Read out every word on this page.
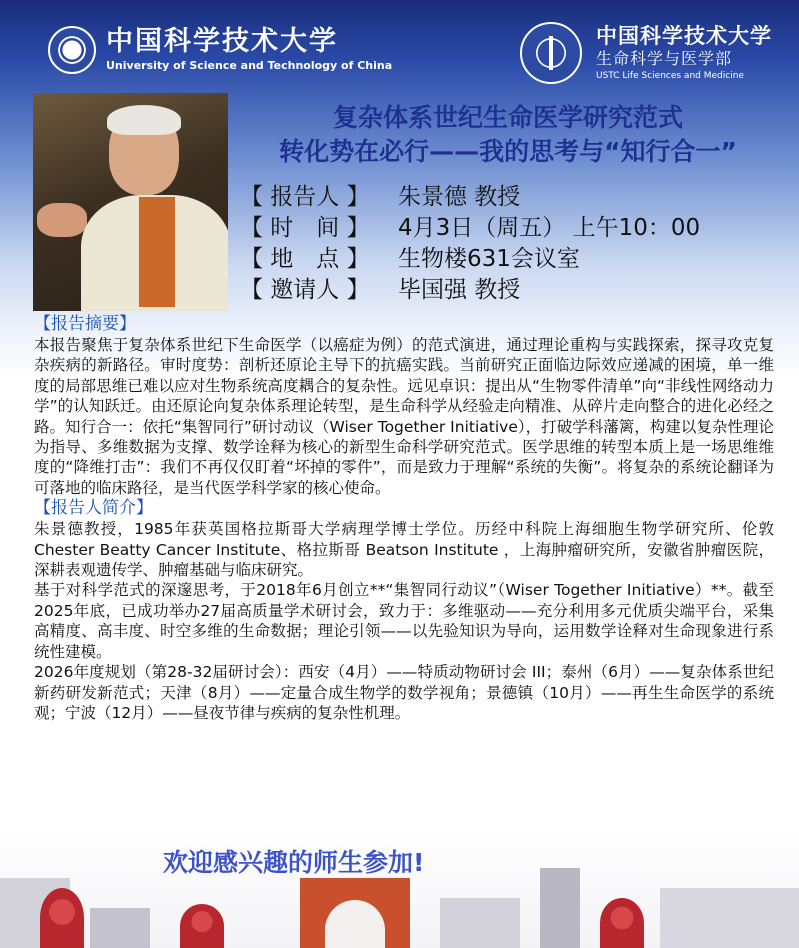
中国科学技术大学
University of Science and Technology of China
中国科学技术大学
生命科学与医学部
USTC Life Sciences and Medicine
复杂体系世纪生命医学研究范式
转化势在必行——我的思考与“知行合一”
【 报告人 】	朱景德 教授
【 时　间 】	4月3日（周五） 上午10：00
【 地　点 】	生物楼631会议室
【 邀请人 】	毕国强 教授
【报告摘要】

本报告聚焦于复杂体系世纪下生命医学（以癌症为例）的范式演进，通过理论重构与实践探索，探寻攻克复杂疾病的新路径。审时度势：剖析还原论主导下的抗癌实践。当前研究正面临边际效应递减的困境，单一维度的局部思维已难以应对生物系统高度耦合的复杂性。远见卓识：提出从“生物零件清单”向“非线性网络动力学”的认知跃迁。由还原论向复杂体系理论转型，是生命科学从经验走向精准、从碎片走向整合的进化必经之路。知行合一：依托“集智同行”研讨动议（Wiser Together Initiative），打破学科藩篱，构建以复杂性理论为指导、多维数据为支撑、数学诠释为核心的新型生命科学研究范式。医学思维的转型本质上是一场思维维度的“降维打击”：我们不再仅仅盯着“坏掉的零件”，而是致力于理解“系统的失衡”。将复杂的系统论翻译为可落地的临床路径，是当代医学科学家的核心使命。

【报告人简介】

朱景德教授，1985年获英国格拉斯哥大学病理学博士学位。历经中科院上海细胞生物学研究所、伦敦 Chester Beatty Cancer Institute、格拉斯哥 Beatson Institute ，上海肿瘤研究所，安徽省肿瘤医院，深耕表观遗传学、肿瘤基础与临床研究。

基于对科学范式的深邃思考，于2018年6月创立**“集智同行动议”（Wiser Together Initiative）**。截至2025年底，已成功举办27届高质量学术研讨会，致力于：多维驱动——充分利用多元优质尖端平台，采集高精度、高丰度、时空多维的生命数据；理论引领——以先验知识为导向，运用数学诠释对生命现象进行系统性建模。

2026年度规划（第28-32届研讨会）：西安（4月）——特质动物研讨会 III；泰州（6月）——复杂体系世纪新药研发新范式；天津（8月）——定量合成生物学的数学视角；景德镇（10月）——再生生命医学的系统观；宁波（12月）——昼夜节律与疾病的复杂性机理。

欢迎感兴趣的师生参加!
